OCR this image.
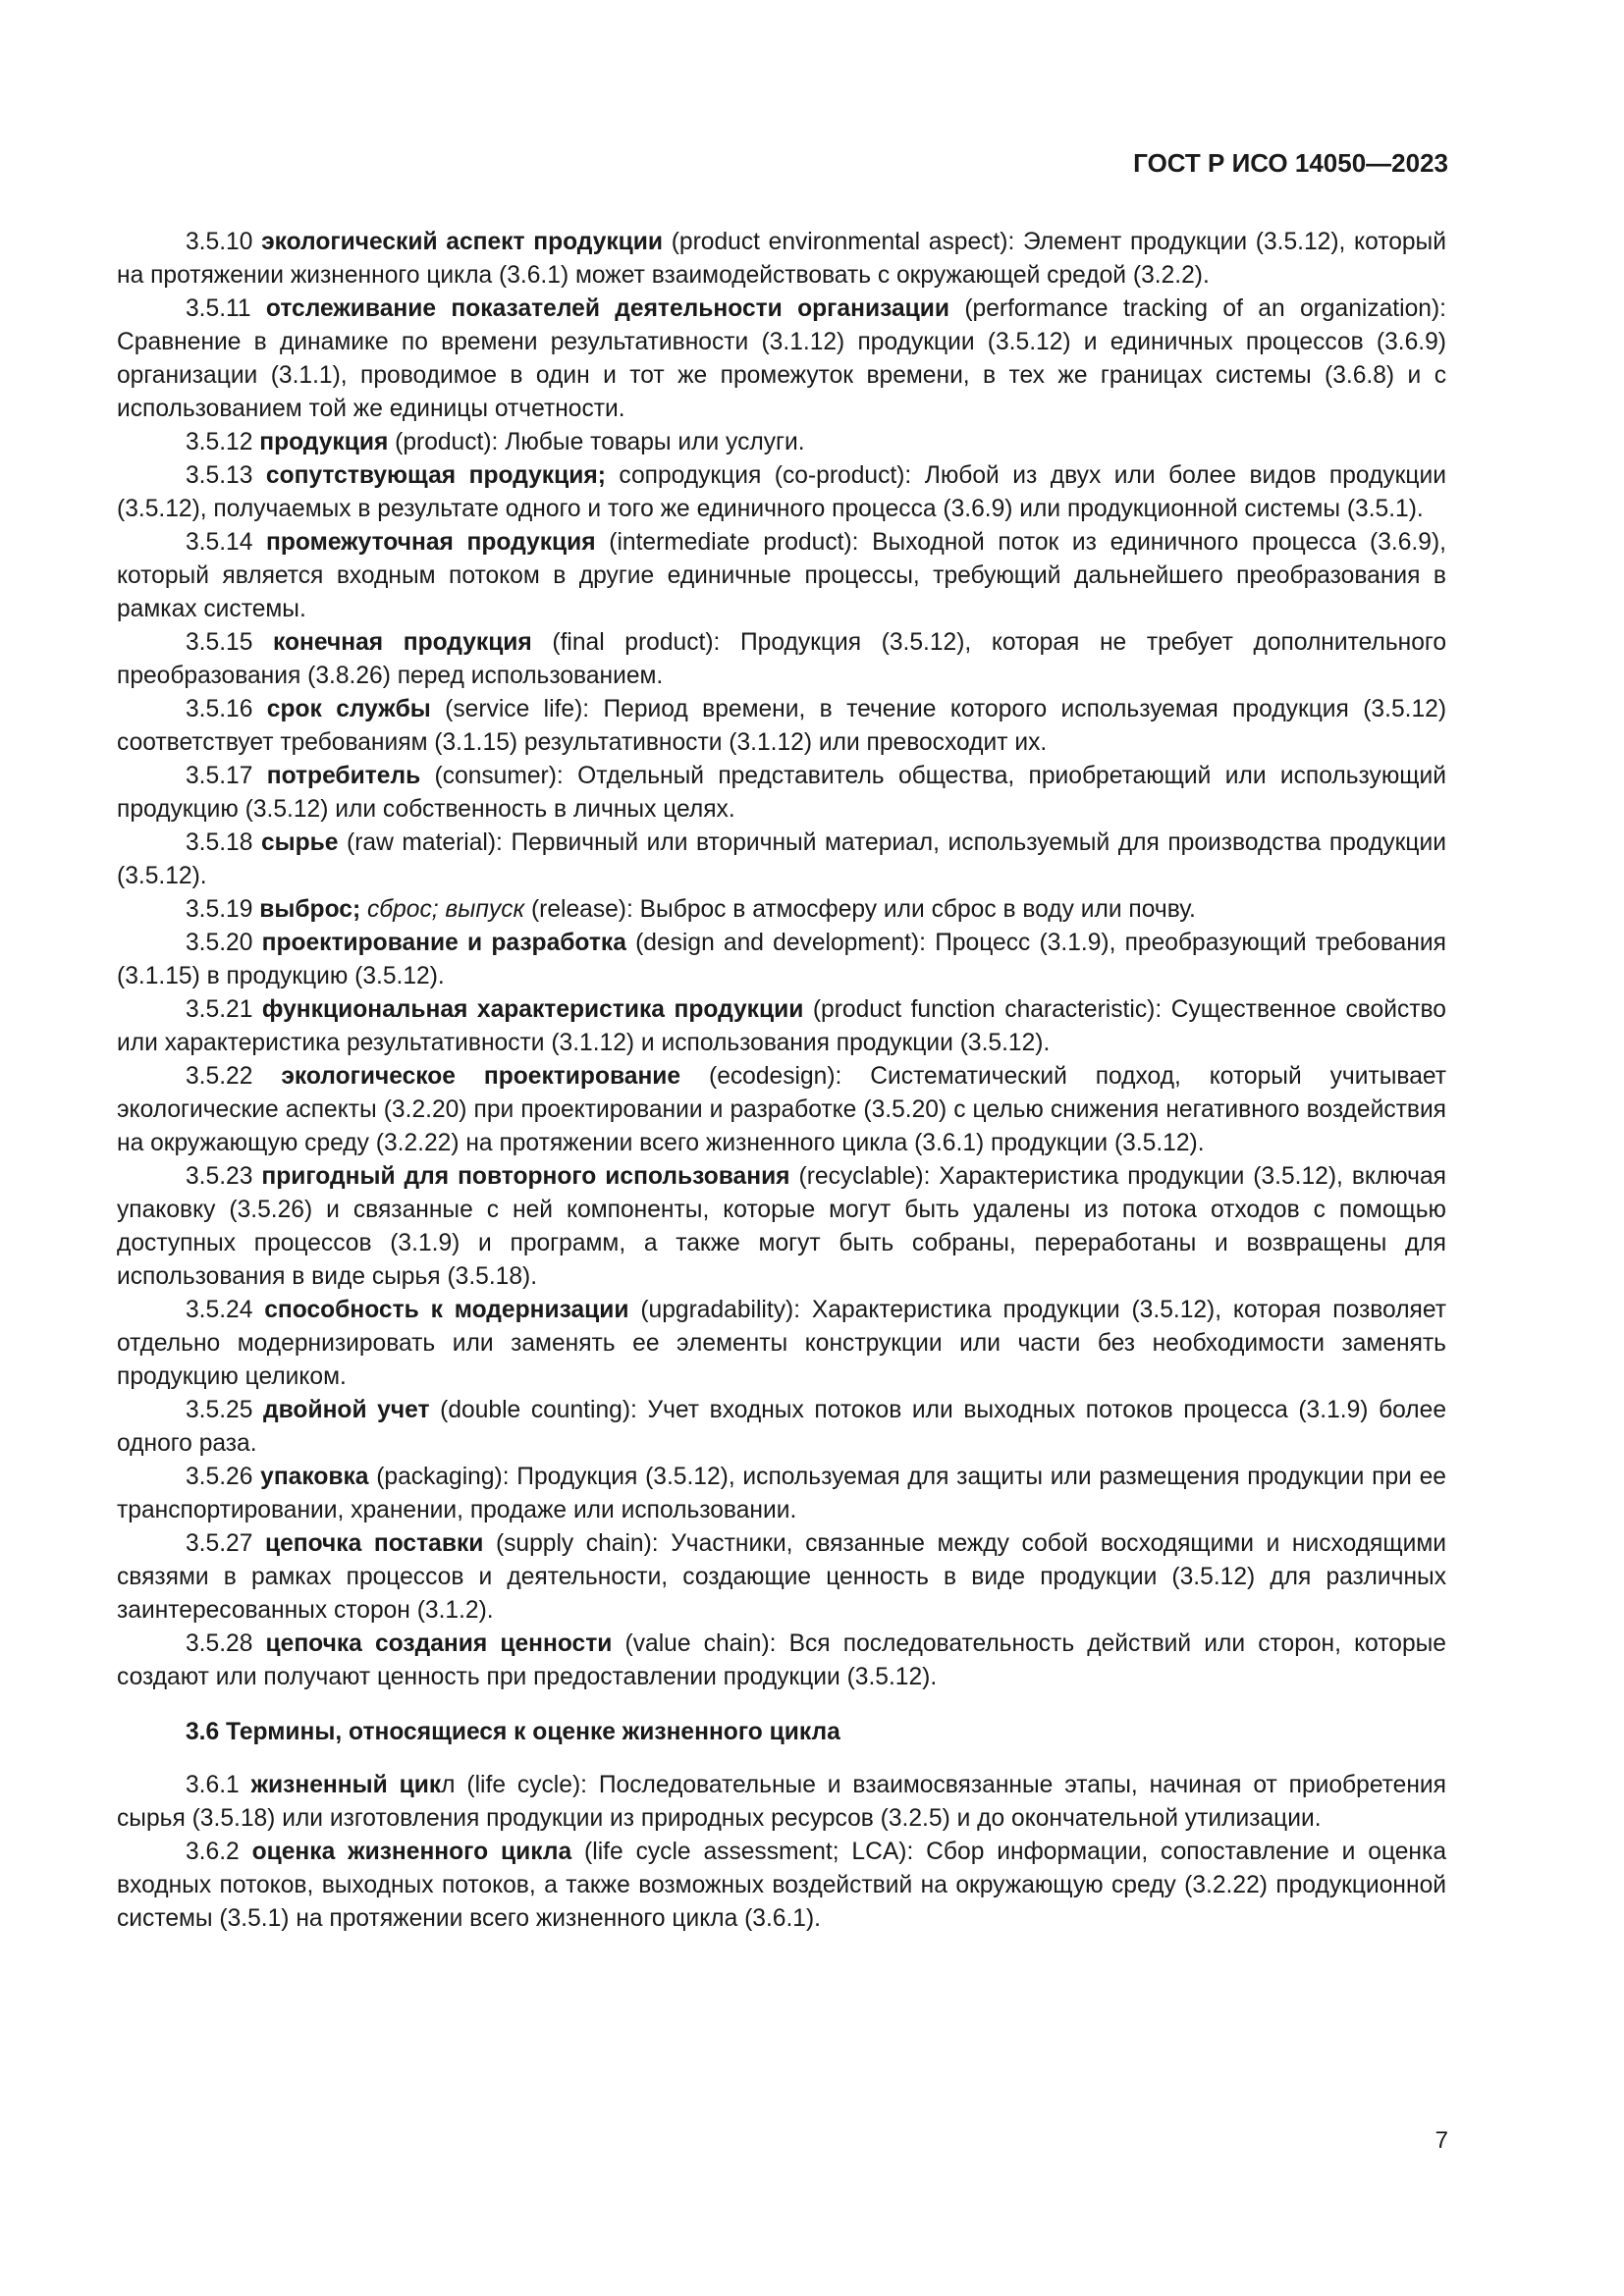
ГОСТ Р ИСО 14050—2023

3.5.10 экологический аспект продукции (product environmental aspect): Элемент продукции (3.5.12), который на протяжении жизненного цикла (3.6.1) может взаимодействовать с окружающей средой (3.2.2).

3.5.11 отслеживание показателей деятельности организации (performance tracking of an organization): Сравнение в динамике по времени результативности (3.1.12) продукции (3.5.12) и единичных процессов (3.6.9) организации (3.1.1), проводимое в один и тот же промежуток времени, в тех же границах системы (3.6.8) и с использованием той же единицы отчетности.

3.5.12 продукция (product): Любые товары или услуги.

3.5.13 сопутствующая продукция; сопродукция (co-product): Любой из двух или более видов продукции (3.5.12), получаемых в результате одного и того же единичного процесса (3.6.9) или продукционной системы (3.5.1).

3.5.14 промежуточная продукция (intermediate product): Выходной поток из единичного процесса (3.6.9), который является входным потоком в другие единичные процессы, требующий дальнейшего преобразования в рамках системы.

3.5.15 конечная продукция (final product): Продукция (3.5.12), которая не требует дополнительного преобразования (3.8.26) перед использованием.

3.5.16 срок службы (service life): Период времени, в течение которого используемая продукция (3.5.12) соответствует требованиям (3.1.15) результативности (3.1.12) или превосходит их.

3.5.17 потребитель (consumer): Отдельный представитель общества, приобретающий или использующий продукцию (3.5.12) или собственность в личных целях.

3.5.18 сырье (raw material): Первичный или вторичный материал, используемый для производства продукции (3.5.12).

3.5.19 выброс; сброс; выпуск (release): Выброс в атмосферу или сброс в воду или почву.

3.5.20 проектирование и разработка (design and development): Процесс (3.1.9), преобразующий требования (3.1.15) в продукцию (3.5.12).

3.5.21 функциональная характеристика продукции (product function characteristic): Существенное свойство или характеристика результативности (3.1.12) и использования продукции (3.5.12).

3.5.22 экологическое проектирование (ecodesign): Систематический подход, который учитывает экологические аспекты (3.2.20) при проектировании и разработке (3.5.20) с целью снижения негативного воздействия на окружающую среду (3.2.22) на протяжении всего жизненного цикла (3.6.1) продукции (3.5.12).

3.5.23 пригодный для повторного использования (recyclable): Характеристика продукции (3.5.12), включая упаковку (3.5.26) и связанные с ней компоненты, которые могут быть удалены из потока отходов с помощью доступных процессов (3.1.9) и программ, а также могут быть собраны, переработаны и возвращены для использования в виде сырья (3.5.18).

3.5.24 способность к модернизации (upgradability): Характеристика продукции (3.5.12), которая позволяет отдельно модернизировать или заменять ее элементы конструкции или части без необходимости заменять продукцию целиком.

3.5.25 двойной учет (double counting): Учет входных потоков или выходных потоков процесса (3.1.9) более одного раза.

3.5.26 упаковка (packaging): Продукция (3.5.12), используемая для защиты или размещения продукции при ее транспортировании, хранении, продаже или использовании.

3.5.27 цепочка поставки (supply chain): Участники, связанные между собой восходящими и нисходящими связями в рамках процессов и деятельности, создающие ценность в виде продукции (3.5.12) для различных заинтересованных сторон (3.1.2).

3.5.28 цепочка создания ценности (value chain): Вся последовательность действий или сторон, которые создают или получают ценность при предоставлении продукции (3.5.12).

3.6 Термины, относящиеся к оценке жизненного цикла

3.6.1 жизненный цикл (life cycle): Последовательные и взаимосвязанные этапы, начиная от приобретения сырья (3.5.18) или изготовления продукции из природных ресурсов (3.2.5) и до окончательной утилизации.

3.6.2 оценка жизненного цикла (life cycle assessment; LCA): Сбор информации, сопоставление и оценка входных потоков, выходных потоков, а также возможных воздействий на окружающую среду (3.2.22) продукционной системы (3.5.1) на протяжении всего жизненного цикла (3.6.1).

7
